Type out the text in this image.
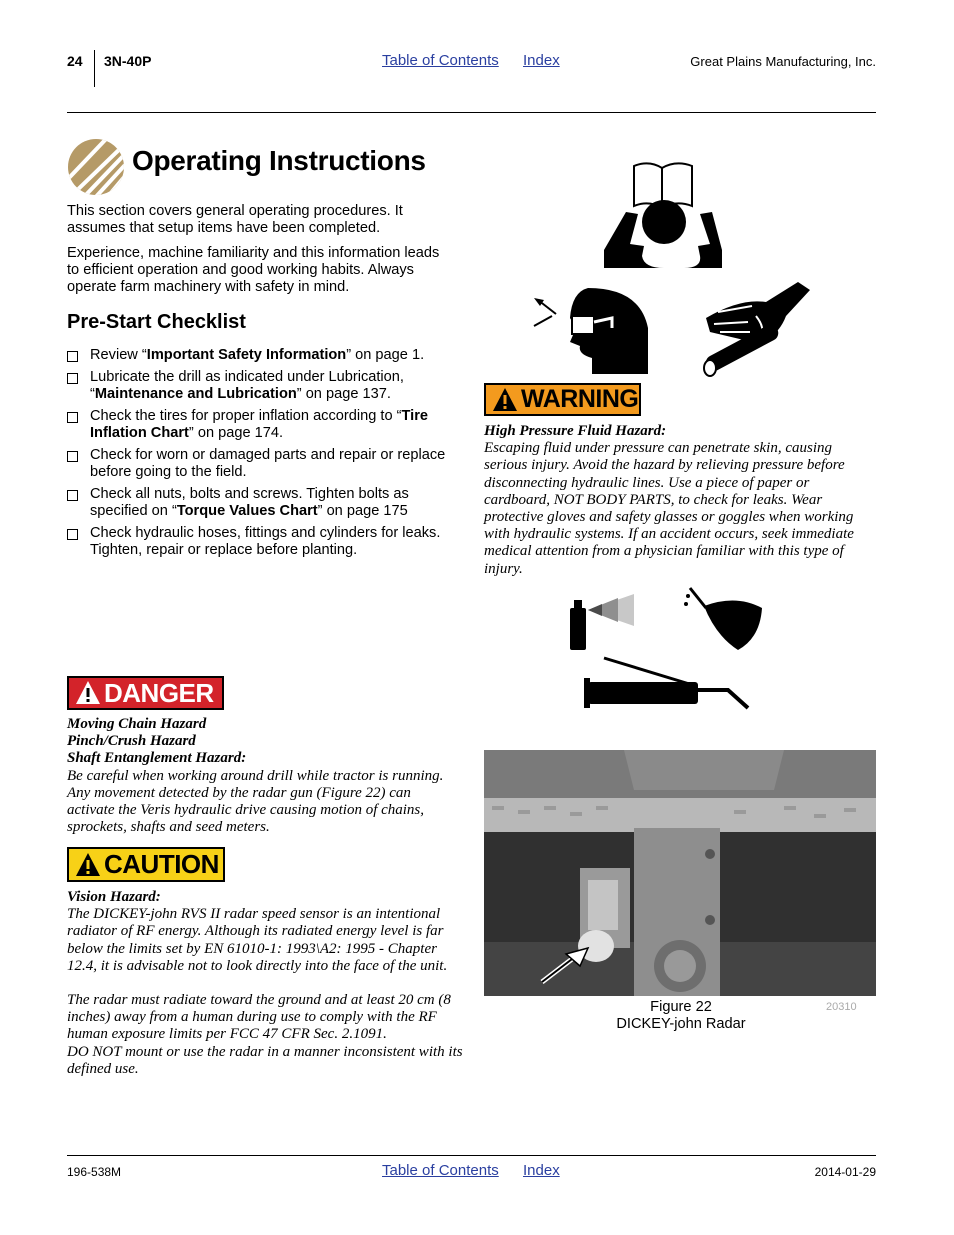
24 3N-40P	Table of Contents Index	Great Plains Manufacturing, Inc.
Operating Instructions
This section covers general operating procedures. It assumes that setup items have been completed.
Experience, machine familiarity and this information leads to efficient operation and good working habits. Always operate farm machinery with safety in mind.
Pre-Start Checklist
Review “Important Safety Information” on page 1.
Lubricate the drill as indicated under Lubrication, “Maintenance and Lubrication” on page 137.
Check the tires for proper inflation according to “Tire Inflation Chart” on page 174.
Check for worn or damaged parts and repair or replace before going to the field.
Check all nuts, bolts and screws. Tighten bolts as specified on “Torque Values Chart” on page 175
Check hydraulic hoses, fittings and cylinders for leaks. Tighten, repair or replace before planting.
DANGER
Moving Chain Hazard
Pinch/Crush Hazard
Shaft Entanglement Hazard:
Be careful when working around drill while tractor is running. Any movement detected by the radar gun (Figure 22) can activate the Veris hydraulic drive causing motion of chains, sprockets, shafts and seed meters.
CAUTION
Vision Hazard:
The DICKEY-john RVS II radar speed sensor is an intentional radiator of RF energy. Although its radiated energy level is far below the limits set by EN 61010-1: 1993\A2: 1995 - Chapter 12.4, it is advisable not to look directly into the face of the unit.
The radar must radiate toward the ground and at least 20 cm (8 inches) away from a human during use to comply with the RF human exposure limits per FCC 47 CFR Sec. 2.1091.
DO NOT mount or use the radar in a manner inconsistent with its defined use.
WARNING
High Pressure Fluid Hazard:
Escaping fluid under pressure can penetrate skin, causing serious injury. Avoid the hazard by relieving pressure before disconnecting hydraulic lines. Use a piece of paper or cardboard, NOT BODY PARTS, to check for leaks. Wear protective gloves and safety glasses or goggles when working with hydraulic systems. If an accident occurs, seek immediate medical attention from a physician familiar with this type of injury.
Figure 22	20310
DICKEY-john Radar
196-538M	Table of Contents Index	2014-01-29
